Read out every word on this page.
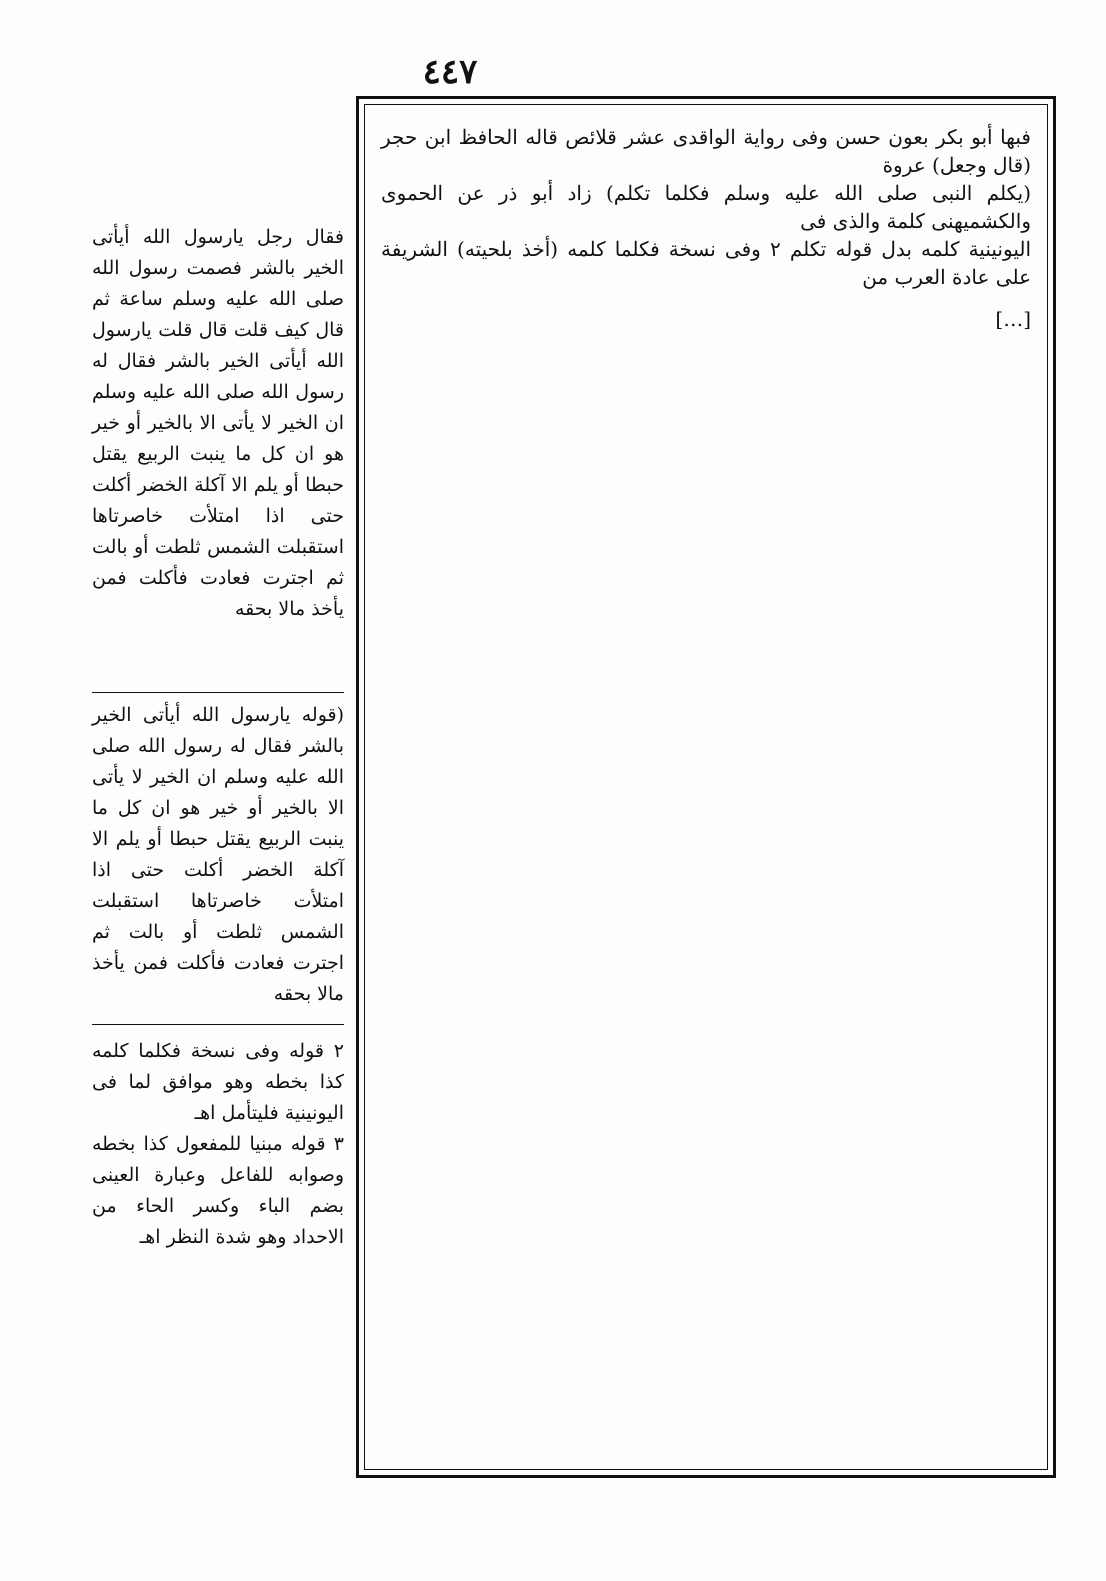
٤٤٧

فبها أبو بكر بعون حسن وفى رواية الواقدى عشر قلائص قاله الحافظ ابن حجر (قال وجعل) عروة

(يكلم النبى صلى الله عليه وسلم فكلما تكلم) زاد أبو ذر عن الحموى والكشميهنى كلمة والذى فى

اليونينية كلمه بدل قوله تكلم ٢ وفى نسخة فكلما كلمه (أخذ بلحيته) الشريفة على عادة العرب من

[…]

فقال رجل يارسول الله أيأتى الخير بالشر فصمت رسول الله صلى الله عليه وسلم ساعة ثم قال كيف قلت قال قلت يارسول الله أيأتى الخير بالشر فقال له رسول الله صلى الله عليه وسلم ان الخير لا يأتى الا بالخير أو خير هو ان كل ما ينبت الربيع يقتل حبطا أو يلم الا آكلة الخضر أكلت حتى اذا امتلأت خاصرتاها استقبلت الشمس ثلطت أو بالت ثم اجترت فعادت فأكلت فمن يأخذ مالا بحقه

(قوله يارسول الله أيأتى الخير بالشر فقال له رسول الله صلى الله عليه وسلم ان الخير لا يأتى الا بالخير أو خير هو ان كل ما ينبت الربيع يقتل حبطا أو يلم الا آكلة الخضر أكلت حتى اذا امتلأت خاصرتاها استقبلت الشمس ثلطت أو بالت ثم اجترت فعادت فأكلت فمن يأخذ مالا بحقه

٢ قوله وفى نسخة فكلما كلمه كذا بخطه وهو موافق لما فى اليونينية فليتأمل اهـ

٣ قوله مبنيا للمفعول كذا بخطه وصوابه للفاعل وعبارة العينى بضم الباء وكسر الحاء من الاحداد وهو شدة النظر اهـ
